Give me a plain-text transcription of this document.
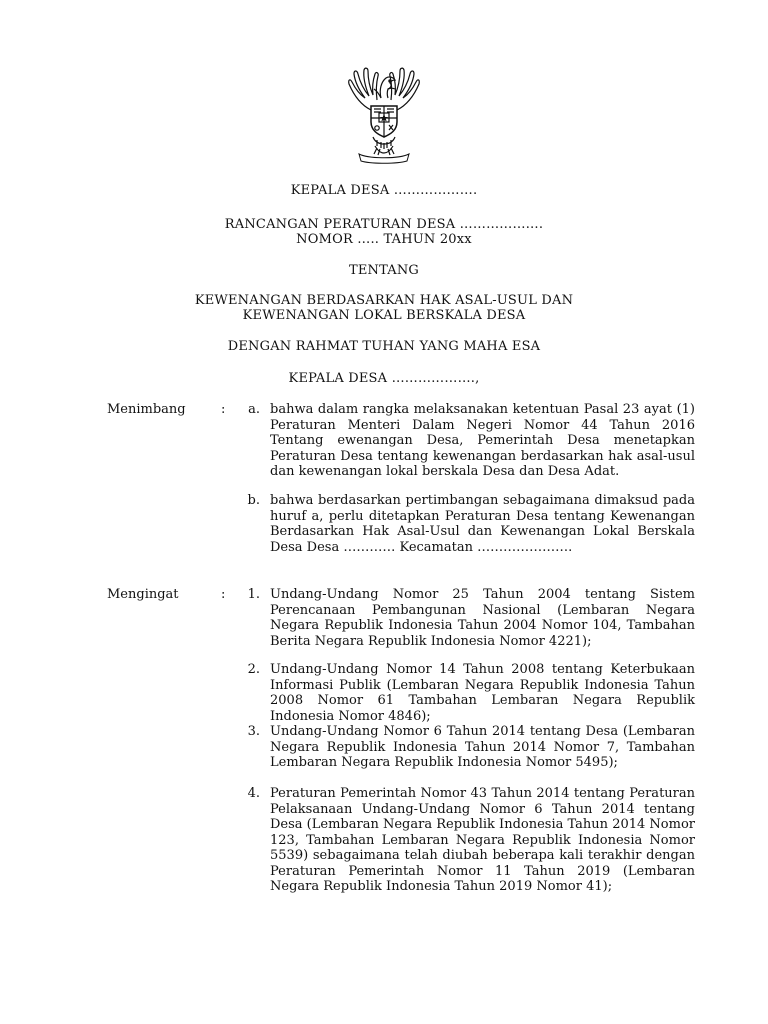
KEPALA DESA ……………….
RANCANGAN PERATURAN DESA ……………….
NOMOR ….. TAHUN 20xx
TENTANG
KEWENANGAN BERDASARKAN HAK ASAL-USUL DAN
KEWENANGAN LOKAL BERSKALA DESA
DENGAN RAHMAT TUHAN YANG MAHA ESA
KEPALA DESA ……………….,
Menimbang	:	a. bahwa dalam rangka melaksanakan ketentuan Pasal 23 ayat (1) Peraturan Menteri Dalam Negeri Nomor 44 Tahun 2016 Tentang ewenangan Desa, Pemerintah Desa menetapkan Peraturan Desa tentang kewenangan berdasarkan hak asal-usul dan kewenangan lokal berskala Desa dan Desa Adat.

b. bahwa berdasarkan pertimbangan sebagaimana dimaksud pada huruf a, perlu ditetapkan Peraturan Desa tentang Kewenangan Berdasarkan Hak Asal-Usul dan Kewenangan Lokal Berskala Desa Desa ………… Kecamatan ………………….

Mengingat	:	1. Undang-Undang Nomor 25 Tahun 2004 tentang Sistem Perencanaan Pembangunan Nasional (Lembaran Negara Negara Republik Indonesia Tahun 2004 Nomor 104, Tambahan Berita Negara Republik Indonesia Nomor 4221);

2. Undang-Undang Nomor 14 Tahun 2008 tentang Keterbukaan Informasi Publik (Lembaran Negara Republik Indonesia Tahun 2008 Nomor 61 Tambahan Lembaran Negara Republik Indonesia Nomor 4846);

3. Undang-Undang Nomor 6 Tahun 2014 tentang Desa (Lembaran Negara Republik Indonesia Tahun 2014 Nomor 7, Tambahan Lembaran Negara Republik Indonesia Nomor 5495);

4. Peraturan Pemerintah Nomor 43 Tahun 2014 tentang Peraturan Pelaksanaan Undang-Undang Nomor 6 Tahun 2014 tentang Desa (Lembaran Negara Republik Indonesia Tahun 2014 Nomor 123, Tambahan Lembaran Negara Republik Indonesia Nomor 5539) sebagaimana telah diubah beberapa kali terakhir dengan Peraturan Pemerintah Nomor 11 Tahun 2019 (Lembaran Negara Republik Indonesia Tahun 2019 Nomor 41);
